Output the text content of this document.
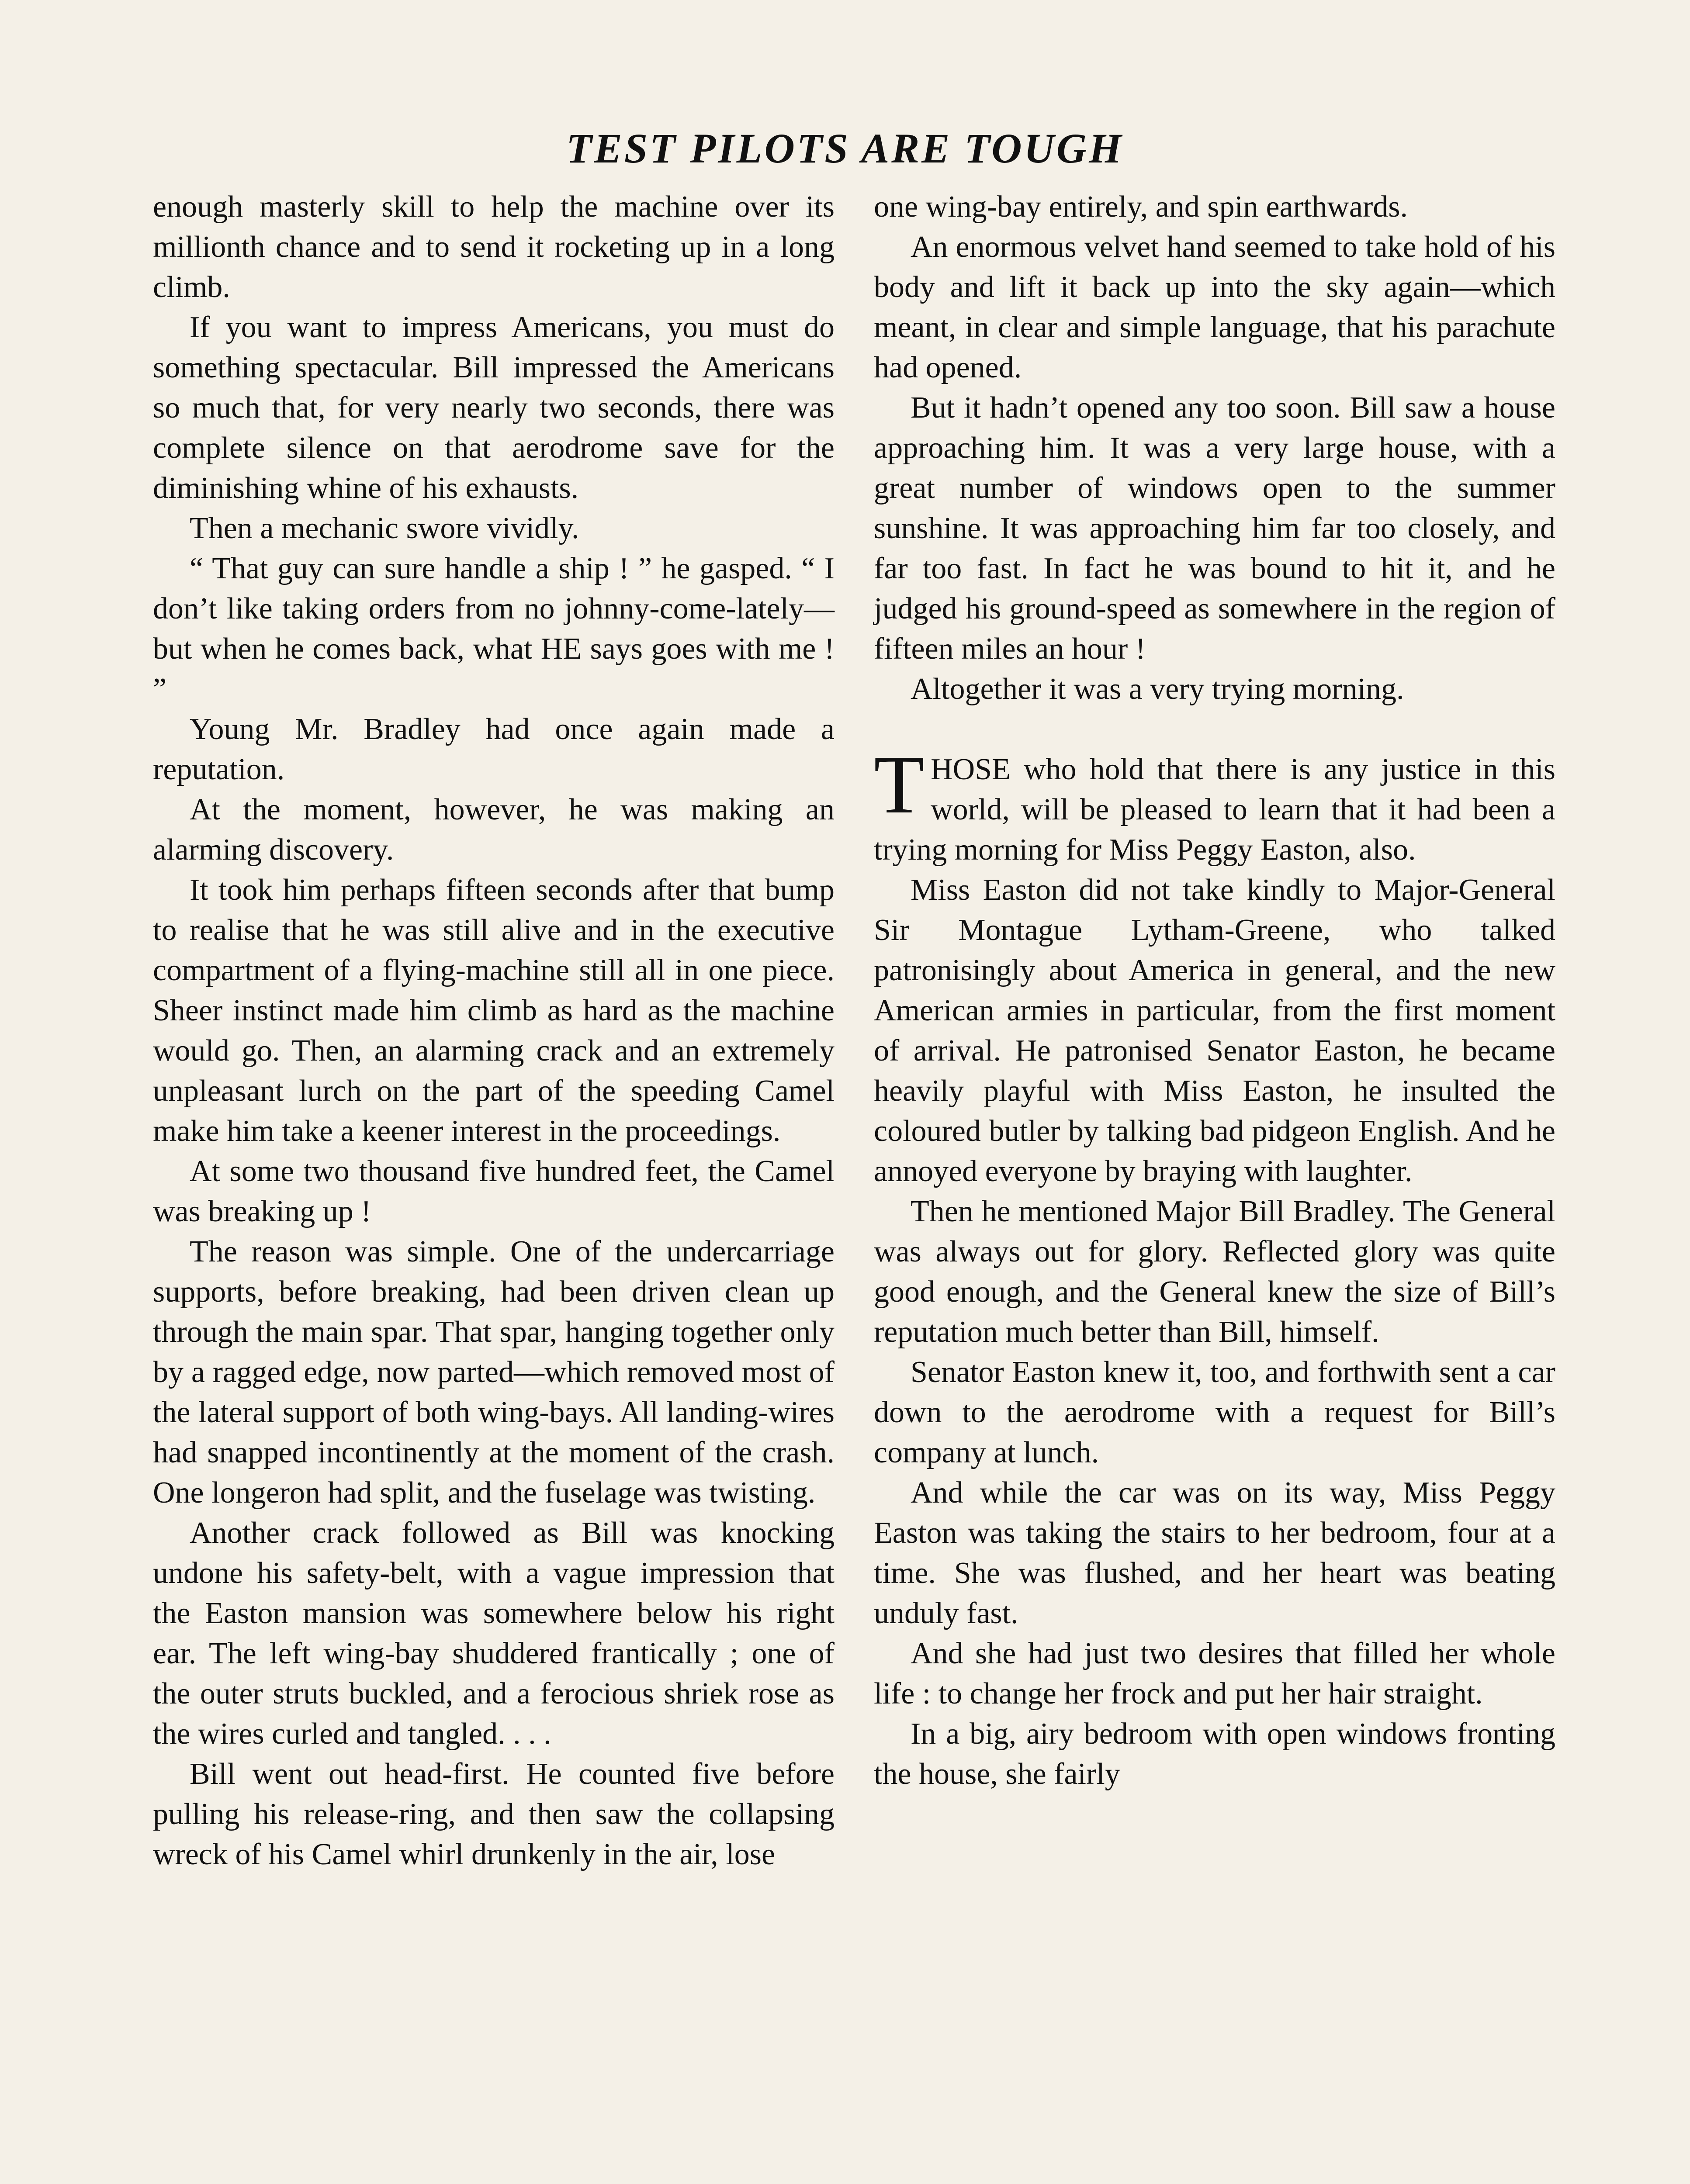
TEST PILOTS ARE TOUGH

enough masterly skill to help the machine over its millionth chance and to send it rocketing up in a long climb.

If you want to impress Americans, you must do something spectacular. Bill impressed the Americans so much that, for very nearly two seconds, there was complete silence on that aerodrome save for the diminishing whine of his exhausts.

Then a mechanic swore vividly.

“ That guy can sure handle a ship ! ” he gasped. “ I don’t like taking orders from no johnny-come-lately—but when he comes back, what HE says goes with me ! ”

Young Mr. Bradley had once again made a reputation.

At the moment, however, he was making an alarming discovery.

It took him perhaps fifteen seconds after that bump to realise that he was still alive and in the executive compartment of a flying-machine still all in one piece. Sheer instinct made him climb as hard as the machine would go. Then, an alarming crack and an extremely unpleasant lurch on the part of the speeding Camel make him take a keener interest in the proceedings.

At some two thousand five hundred feet, the Camel was breaking up !

The reason was simple. One of the undercarriage supports, before breaking, had been driven clean up through the main spar. That spar, hanging together only by a ragged edge, now parted—which removed most of the lateral support of both wing-bays. All landing-wires had snapped incontinently at the moment of the crash. One longeron had split, and the fuselage was twisting.

Another crack followed as Bill was knocking undone his safety-belt, with a vague impression that the Easton mansion was somewhere below his right ear. The left wing-bay shuddered frantically ; one of the outer struts buckled, and a ferocious shriek rose as the wires curled and tangled. . . .

Bill went out head-first. He counted five before pulling his release-ring, and then saw the collapsing wreck of his Camel whirl drunkenly in the air, lose

one wing-bay entirely, and spin earthwards.

An enormous velvet hand seemed to take hold of his body and lift it back up into the sky again—which meant, in clear and simple language, that his parachute had opened.

But it hadn’t opened any too soon. Bill saw a house approaching him. It was a very large house, with a great number of windows open to the summer sunshine. It was approaching him far too closely, and far too fast. In fact he was bound to hit it, and he judged his ground-speed as somewhere in the region of fifteen miles an hour !

Altogether it was a very trying morning.

THOSE who hold that there is any justice in this world, will be pleased to learn that it had been a trying morning for Miss Peggy Easton, also.

Miss Easton did not take kindly to Major-General Sir Montague Lytham-Greene, who talked patronisingly about America in general, and the new American armies in particular, from the first moment of arrival. He patronised Senator Easton, he became heavily playful with Miss Easton, he insulted the coloured butler by talking bad pidgeon English. And he annoyed everyone by braying with laughter.

Then he mentioned Major Bill Bradley. The General was always out for glory. Reflected glory was quite good enough, and the General knew the size of Bill’s reputation much better than Bill, himself.

Senator Easton knew it, too, and forthwith sent a car down to the aerodrome with a request for Bill’s company at lunch.

And while the car was on its way, Miss Peggy Easton was taking the stairs to her bedroom, four at a time. She was flushed, and her heart was beating unduly fast.

And she had just two desires that filled her whole life : to change her frock and put her hair straight.

In a big, airy bedroom with open windows fronting the house, she fairly
